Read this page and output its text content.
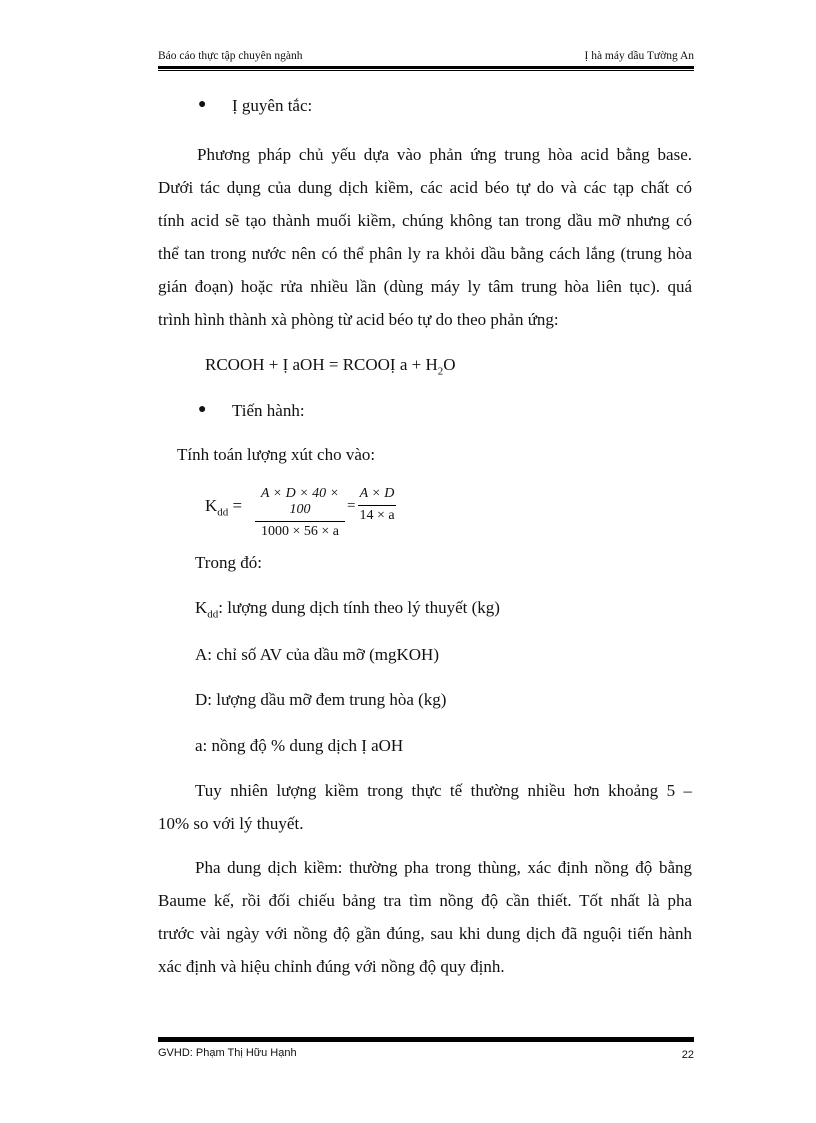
Báo cáo thực tập chuyên ngành	Ị hà máy dầu Tường An
● Ị guyên tắc:
Phương pháp chủ yếu dựa vào phản ứng trung hòa acid bằng base.
Dưới tác dụng của dung dịch kiềm, các acid béo tự do và các tạp chất có
tính acid sẽ tạo thành muối kiềm, chúng không tan trong dầu mỡ nhưng có
thể tan trong nước nên có thể phân ly ra khỏi dầu bằng cách lắng (trung hòa
gián đoạn) hoặc rửa nhiều lần (dùng máy ly tâm trung hòa liên tục). quá
trình hình thành xà phòng từ acid béo tự do theo phản ứng:
RCOOH + Ị aOH = RCOOỊ $a + H_2O$
● Tiến hành:
Tính toán lượng xút cho vào:
$K_{dd} = \frac{A \times D \times 40 \times 100}{1000 \times 56 \times a} = \frac{A \times D}{14 \times a}$
Trong đó:
$K_{dd}$: lượng dung dịch tính theo lý thuyết (kg)
A: chỉ số AV của dầu mỡ (mgKOH)
D: lượng dầu mỡ đem trung hòa (kg)
a: nồng độ % dung dịch Ị aOH
Tuy nhiên lượng kiềm trong thực tế thường nhiều hơn khoảng 5 –
10% so với lý thuyết.
Pha dung dịch kiềm: thường pha trong thùng, xác định nồng độ bằng
Baume kế, rồi đối chiếu bảng tra tìm nồng độ cần thiết. Tốt nhất là pha
trước vài ngày với nồng độ gần đúng, sau khi dung dịch đã nguội tiến hành
xác định và hiệu chỉnh đúng với nồng độ quy định.
GVHD: Phạm Thị Hữu Hạnh	22
